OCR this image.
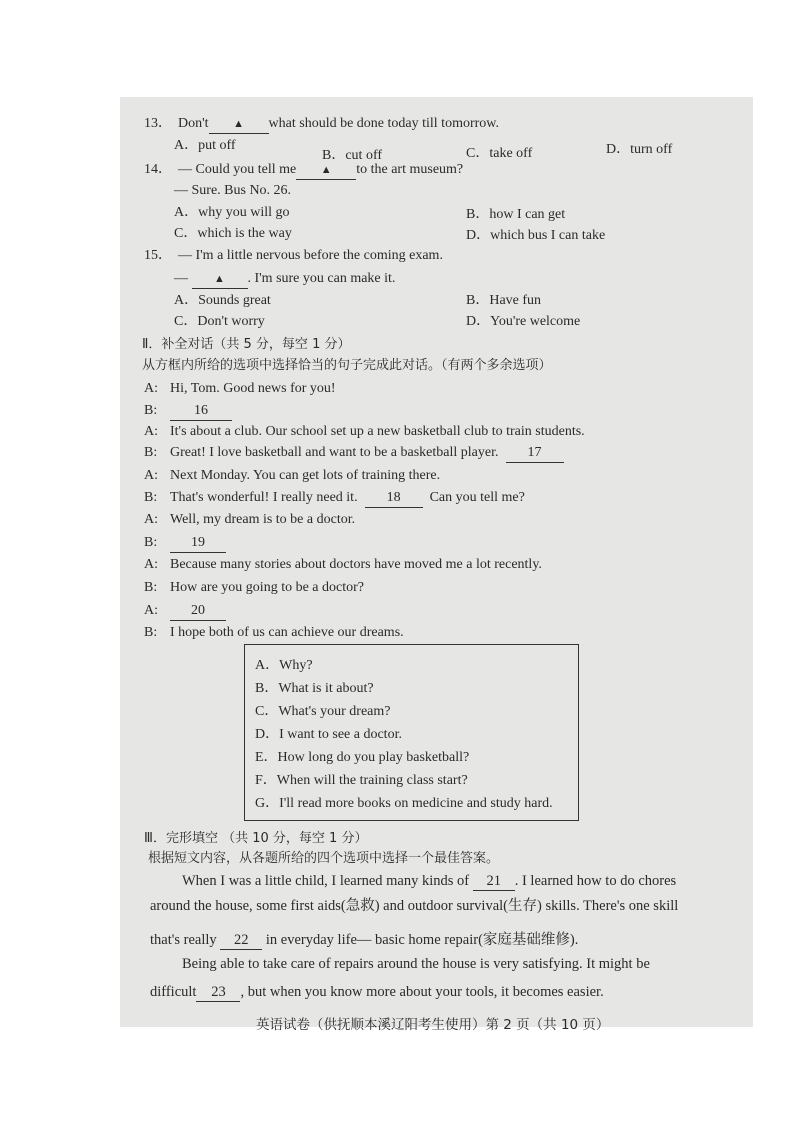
13． Don't ▲ what should be done today till tomorrow.
A．put off
B．cut off	C．take off	D．turn off
14． — Could you tell me ▲ to the art museum?
— Sure. Bus No. 26.
A．why you will go	B．how I can get
C．which is the way	D．which bus I can take
15． — I'm a little nervous before the coming exam.
— ▲ . I'm sure you can make it.
A．Sounds great	B．Have fun
C．Don't worry	D．You're welcome
Ⅱ．补全对话（共 5 分，每空 1 分）
从方框内所给的选项中选择恰当的句子完成此对话。（有两个多余选项）
A: Hi, Tom. Good news for you!
B:	16
A: It's about a club. Our school set up a new basketball club to train students.
B: Great! I love basketball and want to be a basketball player. 17
A: Next Monday. You can get lots of training there.
B: That's wonderful! I really need it. 18 Can you tell me?
A: Well, my dream is to be a doctor.
B: 19
A: Because many stories about doctors have moved me a lot recently.
B: How are you going to be a doctor?
A: 20
B: I hope both of us can achieve our dreams.
A．Why?
B．What is it about?
C．What's your dream?
D．I want to see a doctor.
E．How long do you play basketball?
F．When will the training class start?
G．I'll read more books on medicine and study hard.
Ⅲ．完形填空 （共 10 分，每空 1 分）
根据短文内容，从各题所给的四个选项中选择一个最佳答案。
When I was a little child, I learned many kinds of 21 . I learned how to do chores
around the house, some first aids(急救) and outdoor survival(生存) skills. There's one skill
that's really 22 in everyday life— basic home repair(家庭基础维修).
Being able to take care of repairs around the house is very satisfying. It might be
difficult 23 , but when you know more about your tools, it becomes easier.
英语试卷（供抚顺本溪辽阳考生使用）第 2 页（共 10 页）
